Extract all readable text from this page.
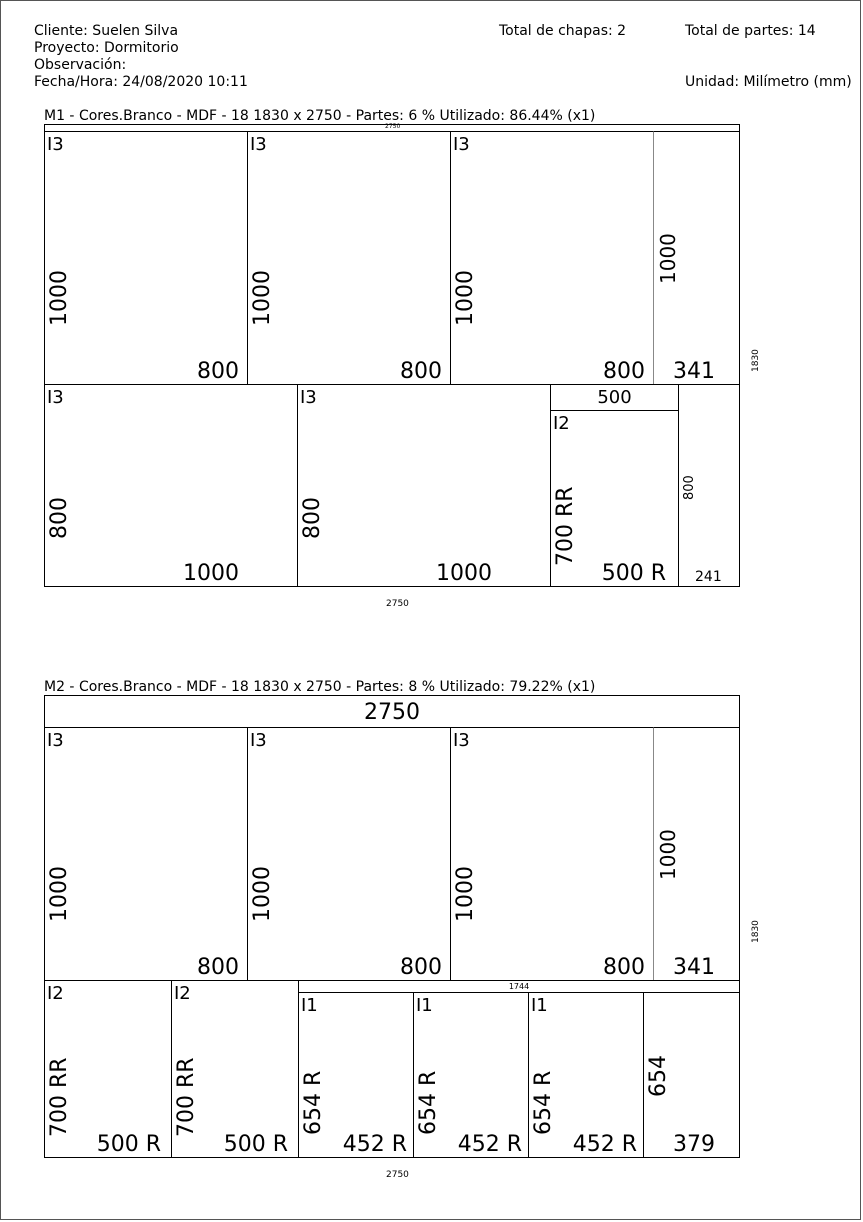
Cliente: Suelen Silva
Proyecto: Dormitorio
Observación:
Fecha/Hora: 24/08/2020 10:11
Total de chapas: 2	Total de partes: 14
Unidad: Milímetro (mm)
M1 - Cores.Branco - MDF - 18 1830 x 2750 - Partes: 6 % Utilizado: 86.44% (x1)
2750
I3
800
1000
I3
800
1000
I3
800
1000
341
1000
I3
1000
800
I3
1000
800
500
I2
500 R
700 RR
241
800
2750
1830
M2 - Cores.Branco - MDF - 18 1830 x 2750 - Partes: 8 % Utilizado: 79.22% (x1)
2750
I3
800
1000
I3
800
1000
I3
800
1000
341
1000
I2
500 R
700 RR
I2
500 R
700 RR
1744
I1
452 R
654 R
I1
452 R
654 R
I1
452 R
654 R
379
654
2750
1830
